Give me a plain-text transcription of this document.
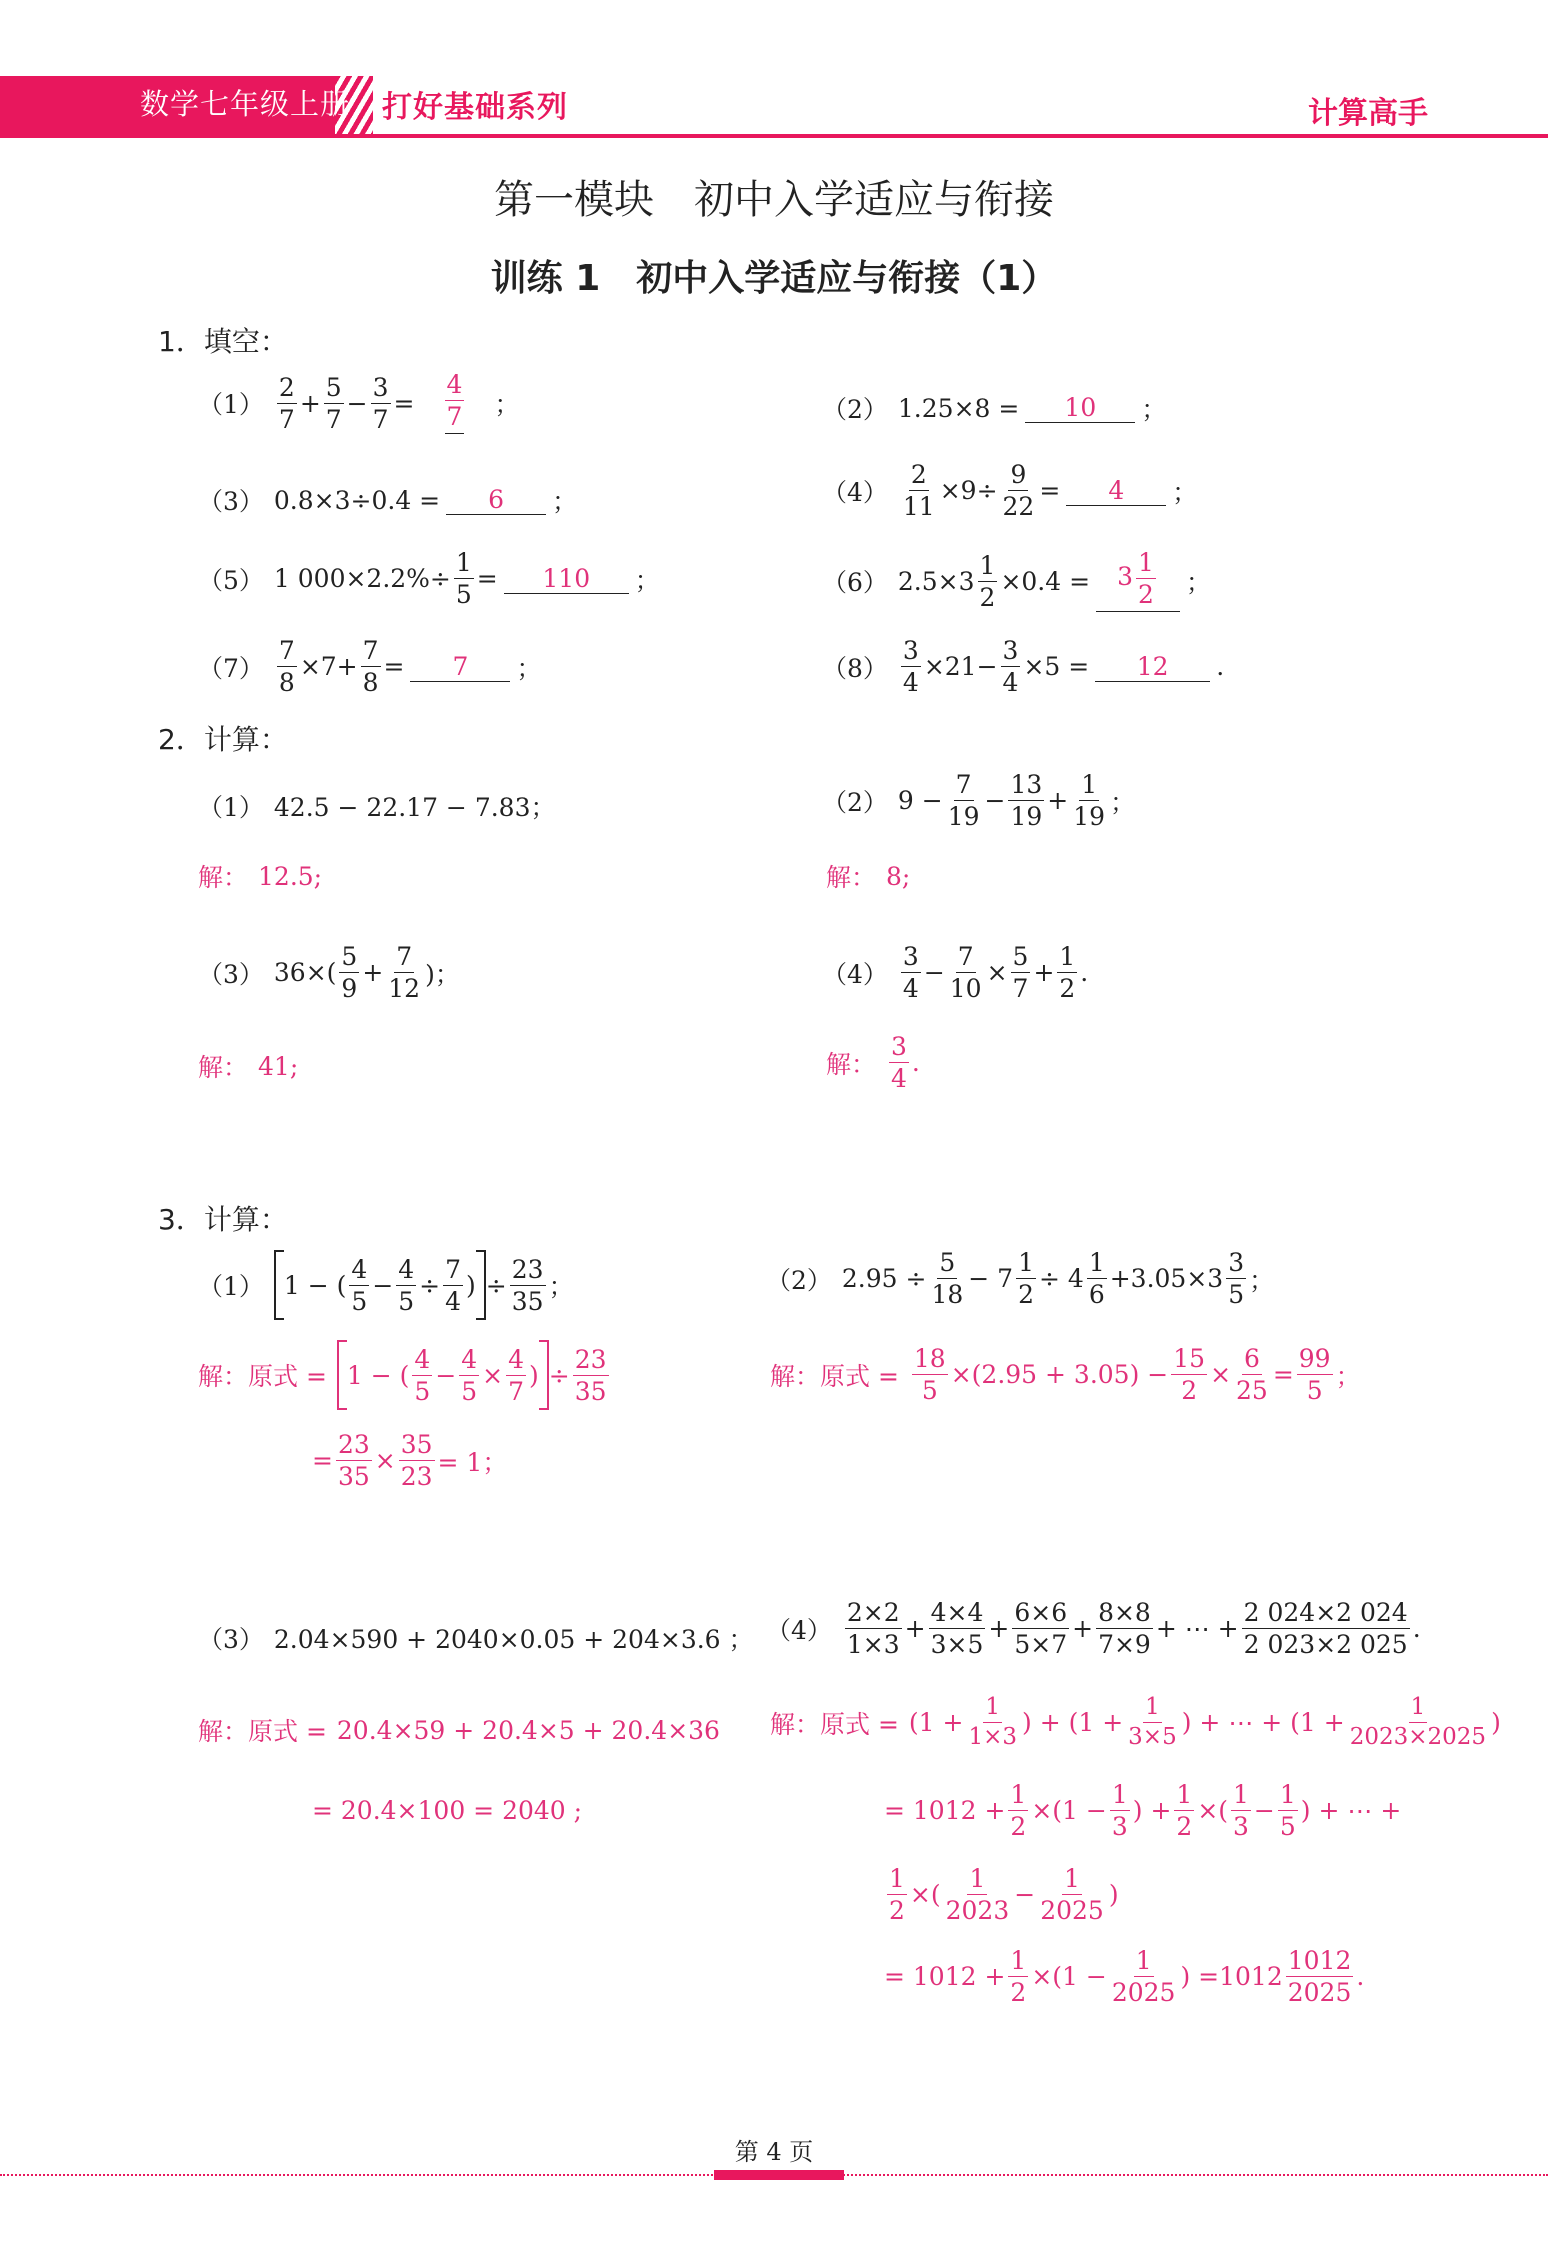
数学七年级上册 打好基础系列	计算高手
第一模块　初中入学适应与衔接
训练 1　初中入学适应与衔接（1）
1．填空：
$(1) \frac{2}{7} + \frac{5}{7} - \frac{3}{7} = \frac{4}{7}$ ；	（2） 1.25×8 =	10	；
（3） 0.8×3÷0.4 =	6	；	$(4) \frac{2}{11} \times 9\div \frac{9}{22}$ =	4	；
（5） 1 $000\times 2.2\%\div \frac{1}{5}$ =	110	；	（6） $2.5\times 3 \frac{1}{2} \times 0.4$ =	$3 \frac{1}{2}$ ；
$(7) \frac{7}{8} \times 7+ \frac{7}{8}$ =	7	；	$(8) \frac{3}{4} \times 21- \frac{3}{4} \times 5$ =	12	.
2．计算：
（1） 42.5 − 22.17 − 7.83；
解： 12.5;
（2） $9 - \frac{7}{19} - \frac{13}{19} + \frac{1}{19}$ ；
解： 8;
（3） $36\times( \frac{5}{9} + \frac{7}{12}$ )；
解： 41;
$(4) \frac{3}{4} - \frac{7}{10} \times \frac{5}{7} + \frac{1}{2}$ .
解： $\frac{3}{4}$ .
3．计算：
（1） 1 − ( $\frac{4}{5} - \frac{4}{5} \div \frac{7}{4}$ ) ÷ $\frac{23}{35}$ ；
解：原式 = 1 − ( $\frac{4}{5} - \frac{4}{5} \times \frac{4}{7}$ ) ÷ $\frac{23}{35}$
= $\frac{23}{35} \times \frac{35}{23} = 1$；
（2） $2.95 \div \frac{5}{18} - 7 \frac{1}{2} \div 4 \frac{1}{6} +3.05\times 3 \frac{3}{5}$ ；
解：原式 = $\frac{18}{5} \times(2.95 + 3.05) - \frac{15}{2} \times \frac{6}{25} = \frac{99}{5}$ ；
（3） 2.04×590 + 2040×0.05 + 204×3.6 ；
解：原式 = 20.4×59 + 20.4×5 + 20.4×36
= 20.4×100 = 2040 ;
$(4) \frac{2\times 2}{1\times 3} + \frac{4\times 4}{3\times 5} + \frac{6\times 6}{5\times 7} + \frac{8\times 8}{7\times 9}$ + ⋯ + $\frac{2 024\times 2 024}{2 023\times 2 025}$ .
解：原式 = ($1 + \frac{1}{1\times 3}$ ) + ($1 + \frac{1}{3\times 5}$ ) + ⋯ + ($1 + \frac{1}{2023\times 2025}$ )
= $1012 + \frac{1}{2} \times(1 - \frac{1}{3}$ ) + $\frac{1}{2}$ ×( $\frac{1}{3} - \frac{1}{5}$ ) + ⋯ +
$\frac{1}{2}$ ×( $\frac{1}{2023} - \frac{1}{2025}$ )
= $1012 + \frac{1}{2} \times(1 - \frac{1}{2025}$ ) = $1012 \frac{1012}{2025}$ .
第 4 页
